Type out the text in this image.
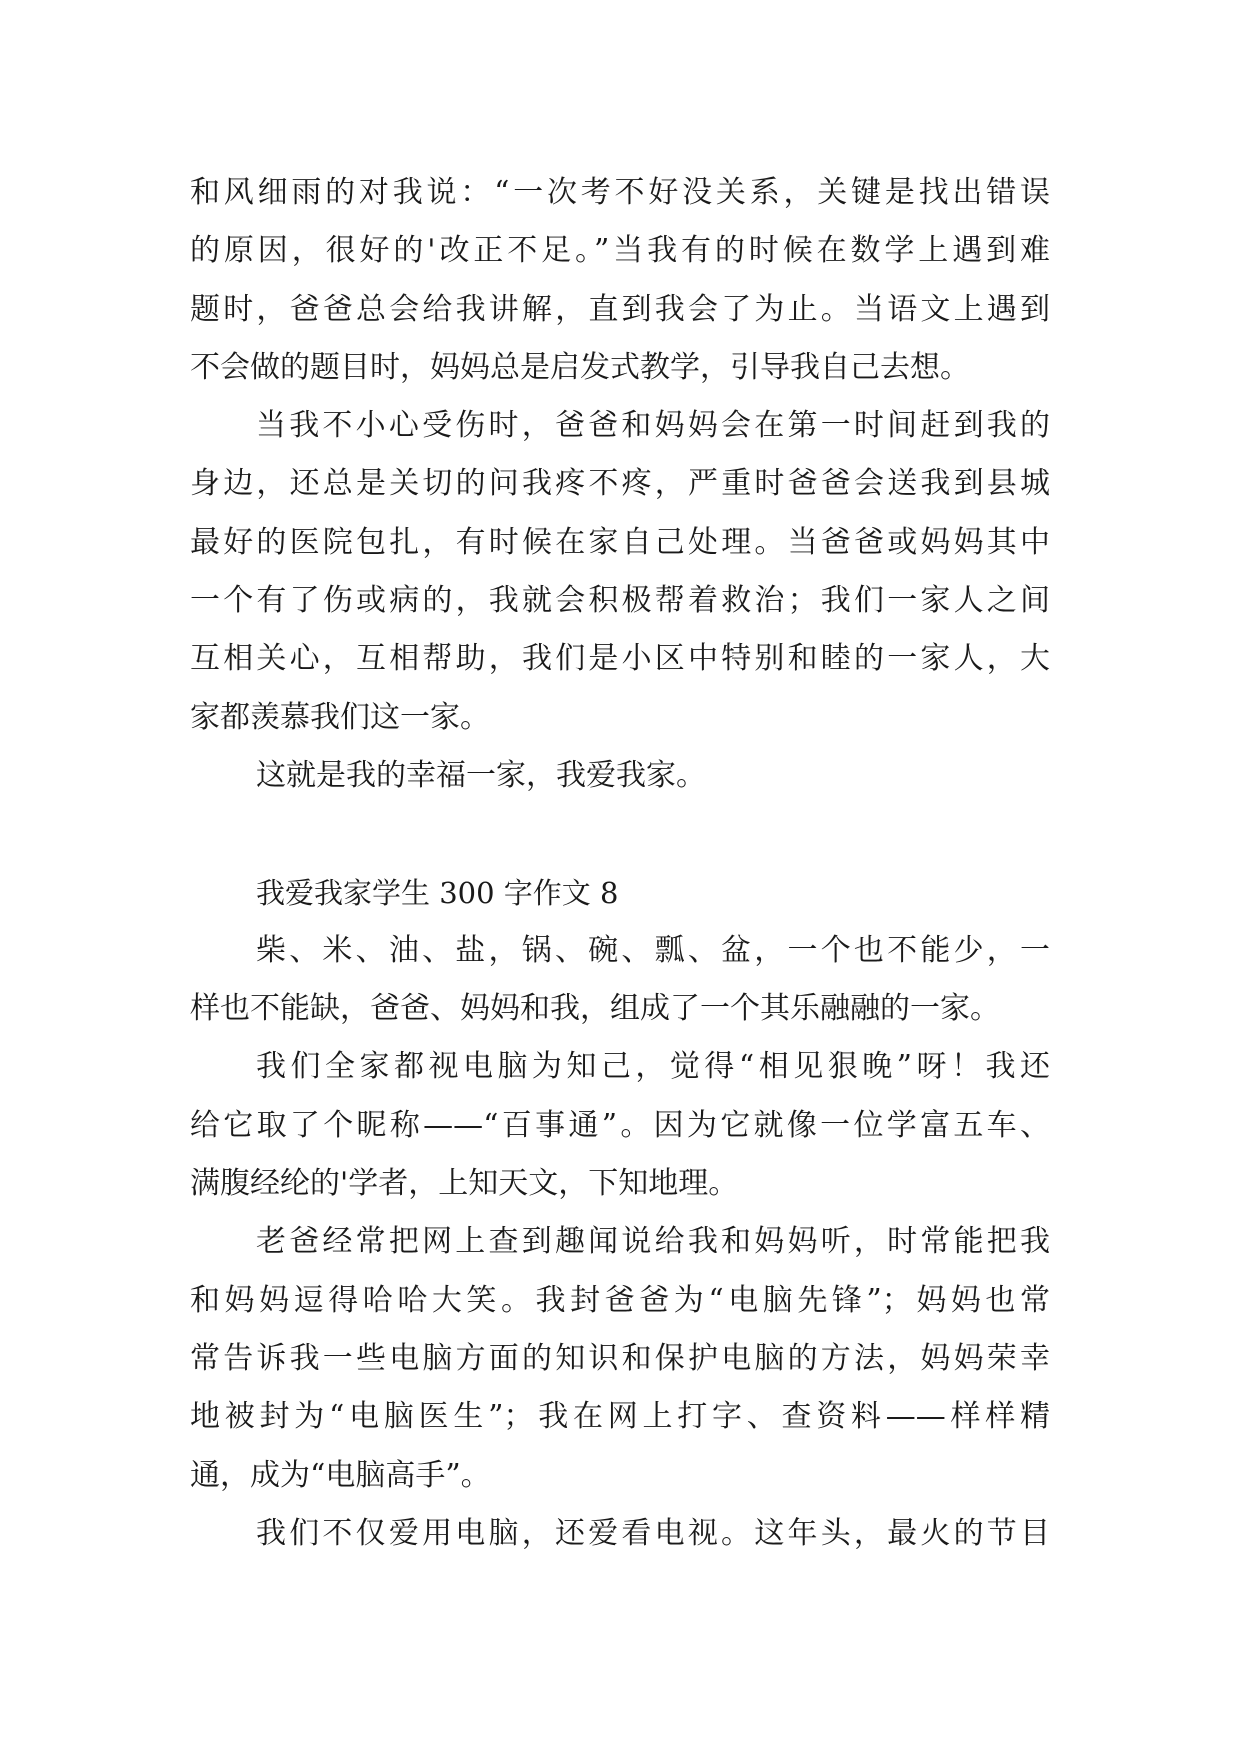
和风细雨的对我说：“一次考不好没关系，关键是找出错误
的原因，很好的'改正不足。”当我有的时候在数学上遇到难
题时，爸爸总会给我讲解，直到我会了为止。当语文上遇到
不会做的题目时，妈妈总是启发式教学，引导我自己去想。
当我不小心受伤时，爸爸和妈妈会在第一时间赶到我的
身边，还总是关切的问我疼不疼，严重时爸爸会送我到县城
最好的医院包扎，有时候在家自己处理。当爸爸或妈妈其中
一个有了伤或病的，我就会积极帮着救治；我们一家人之间
互相关心，互相帮助，我们是小区中特别和睦的一家人，大
家都羡慕我们这一家。
这就是我的幸福一家，我爱我家。
我爱我家学生 300 字作文 8
柴、米、油、盐，锅、碗、瓢、盆，一个也不能少，一
样也不能缺，爸爸、妈妈和我，组成了一个其乐融融的一家。
我们全家都视电脑为知己，觉得“相见狠晚”呀！我还
给它取了个昵称——“百事通”。因为它就像一位学富五车、
满腹经纶的'学者，上知天文，下知地理。
老爸经常把网上查到趣闻说给我和妈妈听，时常能把我
和妈妈逗得哈哈大笑。我封爸爸为“电脑先锋”；妈妈也常
常告诉我一些电脑方面的知识和保护电脑的方法，妈妈荣幸
地被封为“电脑医生”；我在网上打字、查资料——样样精
通，成为“电脑高手”。
我们不仅爱用电脑，还爱看电视。这年头，最火的节目
